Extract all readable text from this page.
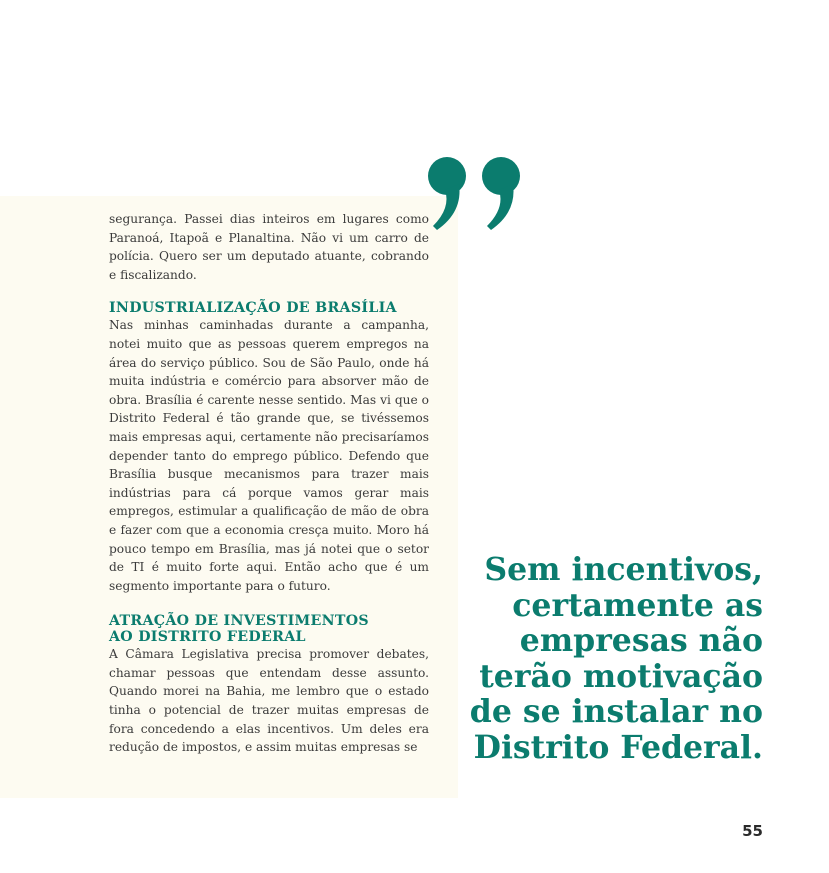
segurança. Passei dias inteiros em lugares como Paranoá, Itapoã e Planaltina. Não vi um carro de polícia. Quero ser um deputado atuante, cobrando e fiscalizando.

INDUSTRIALIZAÇÃO DE BRASÍLIA

Nas minhas caminhadas durante a campanha, notei muito que as pessoas querem empregos na área do serviço público. Sou de São Paulo, onde há muita indústria e comércio para absorver mão de obra. Brasília é carente nesse sentido. Mas vi que o Distrito Federal é tão grande que, se tivéssemos mais empresas aqui, certamente não precisaríamos depender tanto do emprego público. Defendo que Brasília busque mecanismos para trazer mais indústrias para cá porque vamos gerar mais empregos, estimular a qualificação de mão de obra e fazer com que a economia cresça muito. Moro há pouco tempo em Brasília, mas já notei que o setor de TI é muito forte aqui. Então acho que é um segmento importante para o futuro.

ATRAÇÃO DE INVESTIMENTOS
AO DISTRITO FEDERAL

A Câmara Legislativa precisa promover debates, chamar pessoas que entendam desse assunto. Quando morei na Bahia, me lembro que o estado tinha o potencial de trazer muitas empresas de fora concedendo a elas incentivos. Um deles era redução de impostos, e assim muitas empresas se

Sem incentivos,
certamente as
empresas não
terão motivação
de se instalar no
Distrito Federal.
55
